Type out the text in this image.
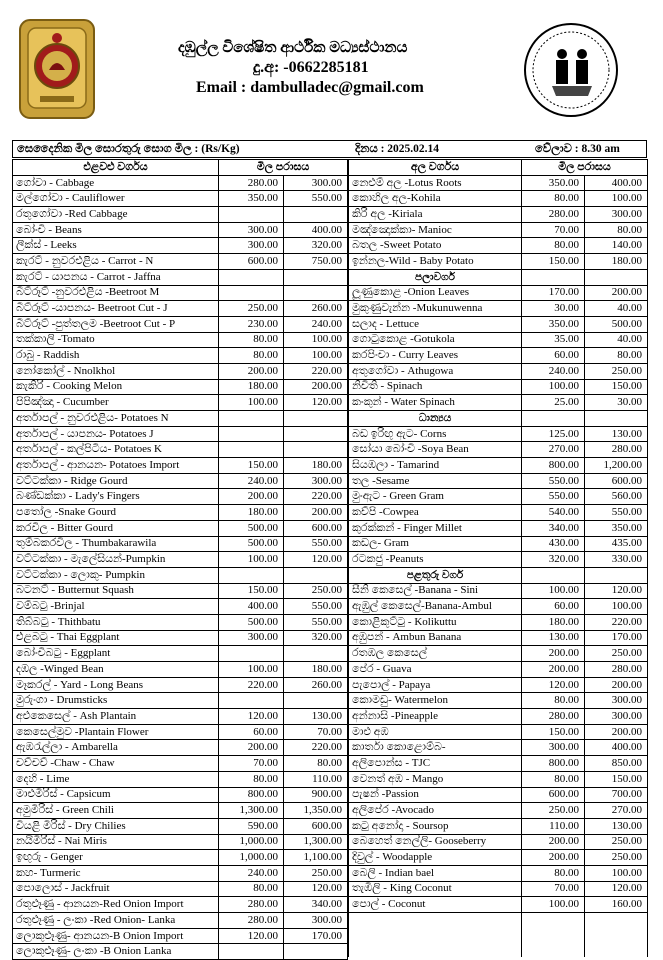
දඹුල්ල විශේෂිත ආර්ථික මධ්‍යස්ථානය
දු.අ: -0662285181
Email : dambulladec@gmail.com
සෙදෛනික මිල සොරතුරු සොග මිල : (Rs/Kg)	දිනය : 2025.02.14	වේලාව : 8.30 am
එළවළු වර්ගය	මිල පරාසය	
ගෝවා - Cabbage	280.00	300.00
මල්ගෝවා - Cauliflower	350.00	550.00
රතුගෝවා -Red Cabbage		
බෝංචි - Beans	300.00	400.00
ලීක්ස් - Leeks	300.00	320.00
කැරට් - නුවරඑළිය - Carrot - N	600.00	750.00
කැරට් - යාපනය - Carrot - Jaffna		
බීට්රූට් -නුවරඑළිය -Beetroot M		
බීට්රූට් -යාපනය- Beetroot Cut - J	250.00	260.00
බීට්රූට් -පුත්තලම -Beetroot Cut - P	230.00	240.00
තක්කාලි -Tomato	80.00	100.00
රාබු - Raddish	80.00	100.00
නෝකෝල් - Nnolkhol	200.00	220.00
කැකිරි - Cooking Melon	180.00	200.00
පිපිඤ්ඤා - Cucumber	100.00	120.00
අර්තාපල් - නුවරඑළිය- Potatoes N		
අර්තාපල් - යාපනය- Potatoes J		
අර්තාපල් - කල්පිටිය- Potatoes K		
අර්තාපල් - ආනයන- Potatoes Import	150.00	180.00
වට්ටක්කා - Ridge Gourd	240.00	300.00
බණ්ඩක්කා - Lady's Fingers	200.00	220.00
පතෝල -Snake Gourd	180.00	200.00
කරවිල - Bitter Gourd	500.00	600.00
තුම්බකරවිල - Thumbakarawila	500.00	550.00
වට්ටක්කා - මැලේසියන්-Pumpkin	100.00	120.00
වට්ටක්කා - ලොකු- Pumpkin		
බටනට් - Butternut Squash	150.00	250.00
වම්බටු -Brinjal	400.00	550.00
තිබ්බටු - Thithbatu	500.00	550.00
එළබටු - Thai Eggplant	300.00	320.00
බෝංචිබටු - Eggplant		
දඹල -Winged Bean	100.00	180.00
මෑකරල් - Yard - Long Beans	220.00	260.00
මුරුංගා - Drumsticks		
අළුකෙසෙල් - Ash Plantain	120.00	130.00
කෙසෙල්මුව -Plantain Flower	60.00	70.00
ඇඹරැල්ලා - Ambarella	200.00	220.00
චව්චව් -Chaw - Chaw	70.00	80.00
දෙහි - Lime	80.00	110.00
මාළුමිරිස් - Capsicum	800.00	900.00
අමුමිරිස් - Green Chili	1,300.00	1,350.00
වියළි මිරිස් - Dry Chilies	590.00	600.00
නයිමිරිස් - Nai Miris	1,000.00	1,300.00
ඉඟුරු - Genger	1,000.00	1,100.00
කහ- Turmeric	240.00	250.00
පොලොස් - Jackfruit	80.00	120.00
රතුළූණු - ආනයන-Red Onion Import	280.00	340.00
රතුළූණු - ලංකා -Red Onion- Lanka	280.00	300.00
ලොකුළූණු- ආනයන-B Onion Import	120.00	170.00
ලොකුළූණු- ලංකා -B Onion Lanka		
අල වර්ගය	මිල පරාසය	
නෙළුම් අල -Lotus Roots	350.00	400.00
කොහිල අල-Kohila	80.00	100.00
කිරි අල -Kiriala	280.00	300.00
මඤ්ඤොක්කා- Manioc	70.00	80.00
බතල -Sweet Potato	80.00	140.00
ඉන්නල-Wild - Baby Potato	150.00	180.00
පලාවර්ග		
ලූණුකොළ -Onion Leaves	170.00	200.00
මුකුණුවැන්න -Mukunuwenna	30.00	40.00
සලාද - Lettuce	350.00	500.00
ගොටුකොළ -Gotukola	35.00	40.00
කරපිංචා - Curry Leaves	60.00	80.00
අතුගෝවා - Athugowa	240.00	250.00
නිවිති - Spinach	100.00	150.00
කංකුන් - Water Spinach	25.00	30.00
ධාන්‍යය		
බඩ ඉරිඟු ඇට- Corns	125.00	130.00
සෝයා බෝංචි -Soya Bean	270.00	280.00
සියඹලා - Tamarind	800.00	1,200.00
තල -Sesame	550.00	600.00
මුංඇට - Green Gram	550.00	560.00
කව්පි -Cowpea	540.00	550.00
කුරක්කන් - Finger Millet	340.00	350.00
කඩල- Gram	430.00	435.00
රටකජු -Peanuts	320.00	330.00
පළතුරු වර්ග		
සීනි කෙසෙල් -Banana - Sini	100.00	120.00
ඇඹුල් කෙසෙල්-Banana-Ambul	60.00	100.00
කොළිකුට්ටු - Kolikuttu	180.00	220.00
අඹුපන් - Ambun Banana	130.00	170.00
රතඹල කෙසෙල්	200.00	250.00
පේර - Guava	200.00	280.00
පැපොල් - Papaya	120.00	200.00
කොමඩු- Watermelon	80.00	300.00
අන්නාසි -Pineapple	280.00	300.00
මාළු අඹ	150.00	200.00
කාර්තා කොළොම්බ-	300.00	400.00
අලිපොන්ස - TJC	800.00	850.00
වෙනත් අඹ - Mango	80.00	150.00
පැෂන් -Passion	600.00	700.00
අලිපේර -Avocado	250.00	270.00
කටු අනෝදා - Soursop	110.00	130.00
බෙහෙත් නෙල්ලි- Gooseberry	200.00	250.00
දිවුල් - Woodapple	200.00	250.00
බෙලි - Indian bael	80.00	100.00
තැඹිලි - King Coconut	70.00	120.00
පොල් - Coconut	100.00	160.00
